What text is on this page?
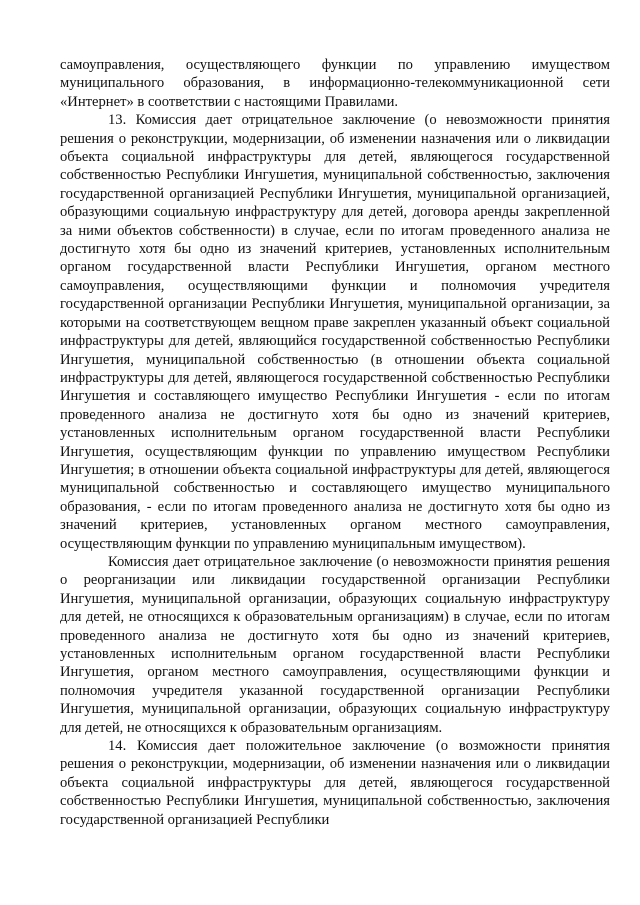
самоуправления, осуществляющего функции по управлению имуществом муниципального образования, в информационно-телекоммуникационной сети «Интернет» в соответствии с настоящими Правилами.

13. Комиссия дает отрицательное заключение (о невозможности принятия решения о реконструкции, модернизации, об изменении назначения или о ликвидации объекта социальной инфраструктуры для детей, являющегося государственной собственностью Республики Ингушетия, муниципальной собственностью, заключения государственной организацией Республики Ингушетия, муниципальной организацией, образующими социальную инфраструктуру для детей, договора аренды закрепленной за ними объектов собственности) в случае, если по итогам проведенного анализа не достигнуто хотя бы одно из значений критериев, установленных исполнительным органом государственной власти Республики Ингушетия, органом местного самоуправления, осуществляющими функции и полномочия учредителя государственной организации Республики Ингушетия, муниципальной организации, за которыми на соответствующем вещном праве закреплен указанный объект социальной инфраструктуры для детей, являющийся государственной собственностью Республики Ингушетия, муниципальной собственностью (в отношении объекта социальной инфраструктуры для детей, являющегося государственной собственностью Республики Ингушетия и составляющего имущество Республики Ингушетия - если по итогам проведенного анализа не достигнуто хотя бы одно из значений критериев, установленных исполнительным органом государственной власти Республики Ингушетия, осуществляющим функции по управлению имуществом Республики Ингушетия; в отношении объекта социальной инфраструктуры для детей, являющегося муниципальной собственностью и составляющего имущество муниципального образования, - если по итогам проведенного анализа не достигнуто хотя бы одно из значений критериев, установленных органом местного самоуправления, осуществляющим функции по управлению муниципальным имуществом).

Комиссия дает отрицательное заключение (о невозможности принятия решения о реорганизации или ликвидации государственной организации Республики Ингушетия, муниципальной организации, образующих социальную инфраструктуру для детей, не относящихся к образовательным организациям) в случае, если по итогам проведенного анализа не достигнуто хотя бы одно из значений критериев, установленных исполнительным органом государственной власти Республики Ингушетия, органом местного самоуправления, осуществляющими функции и полномочия учредителя указанной государственной организации Республики Ингушетия, муниципальной организации, образующих социальную инфраструктуру для детей, не относящихся к образовательным организациям.

14. Комиссия дает положительное заключение (о возможности принятия решения о реконструкции, модернизации, об изменении назначения или о ликвидации объекта социальной инфраструктуры для детей, являющегося государственной собственностью Республики Ингушетия, муниципальной собственностью, заключения государственной организацией Республики
